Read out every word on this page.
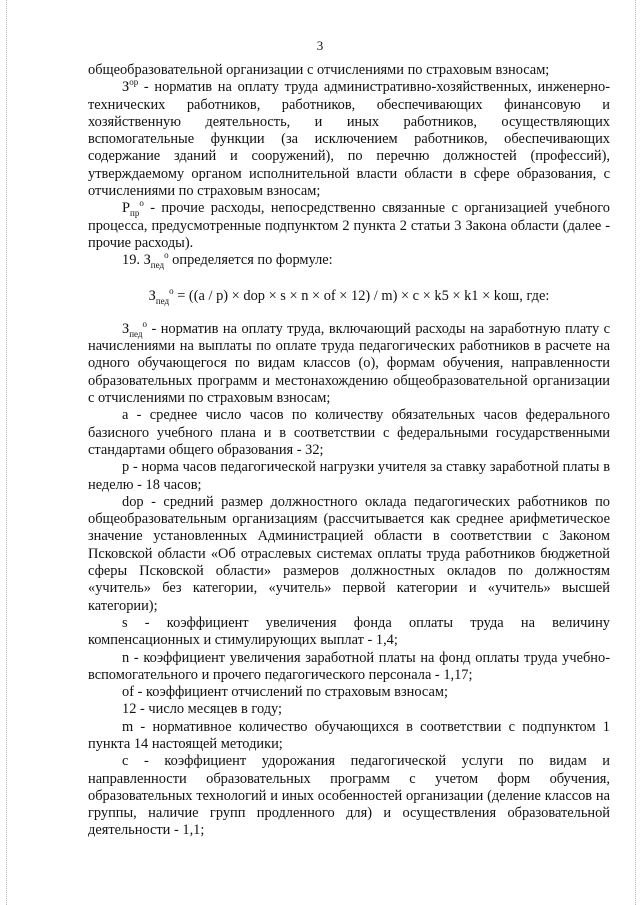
3

общеобразовательной организации с отчислениями по страховым взносам;

$З^{ор}$ - норматив на оплату труда административно-хозяйственных, инженерно-технических работников, работников, обеспечивающих финансовую и хозяйственную деятельность, и иных работников, осуществляющих вспомогательные функции (за исключением работников, обеспечивающих содержание зданий и сооружений), по перечню должностей (профессий), утверждаемому органом исполнительной власти области в сфере образования, с отчислениями по страховым взносам;

$Р_{пр}^о$ - прочие расходы, непосредственно связанные с организацией учебного процесса, предусмотренные подпунктом 2 пункта 2 статьи 3 Закона области (далее - прочие расходы).

19. $З_{пед}^о$ определяется по формуле:

$З_{пед}^о = ((a / p)$ × dop × s × n × of × 12) / m) × c × k5 × k1 × kош, где:

$З_{пед}^о$ - норматив на оплату труда, включающий расходы на заработную плату с начислениями на выплаты по оплате труда педагогических работников в расчете на одного обучающегося по видам классов (о), формам обучения, направленности образовательных программ и местонахождению общеобразовательной организации с отчислениями по страховым взносам;

а - среднее число часов по количеству обязательных часов федерального базисного учебного плана и в соответствии с федеральными государственными стандартами общего образования - 32;

р - норма часов педагогической нагрузки учителя за ставку заработной платы в неделю - 18 часов;

dop - средний размер должностного оклада педагогических работников по общеобразовательным организациям (рассчитывается как среднее арифметическое значение установленных Администрацией области в соответствии с Законом Псковской области «Об отраслевых системах оплаты труда работников бюджетной сферы Псковской области» размеров должностных окладов по должностям «учитель» без категории, «учитель» первой категории и «учитель» высшей категории);

s - коэффициент увеличения фонда оплаты труда на величину компенсационных и стимулирующих выплат - 1,4;

n - коэффициент увеличения заработной платы на фонд оплаты труда учебно-вспомогательного и прочего педагогического персонала - 1,17;

of - коэффициент отчислений по страховым взносам;

12 - число месяцев в году;

m - нормативное количество обучающихся в соответствии с подпунктом 1 пункта 14 настоящей методики;

с - коэффициент удорожания педагогической услуги по видам и направленности образовательных программ с учетом форм обучения, образовательных технологий и иных особенностей организации (деление классов на группы, наличие групп продленного для) и осуществления образовательной деятельности - 1,1;
